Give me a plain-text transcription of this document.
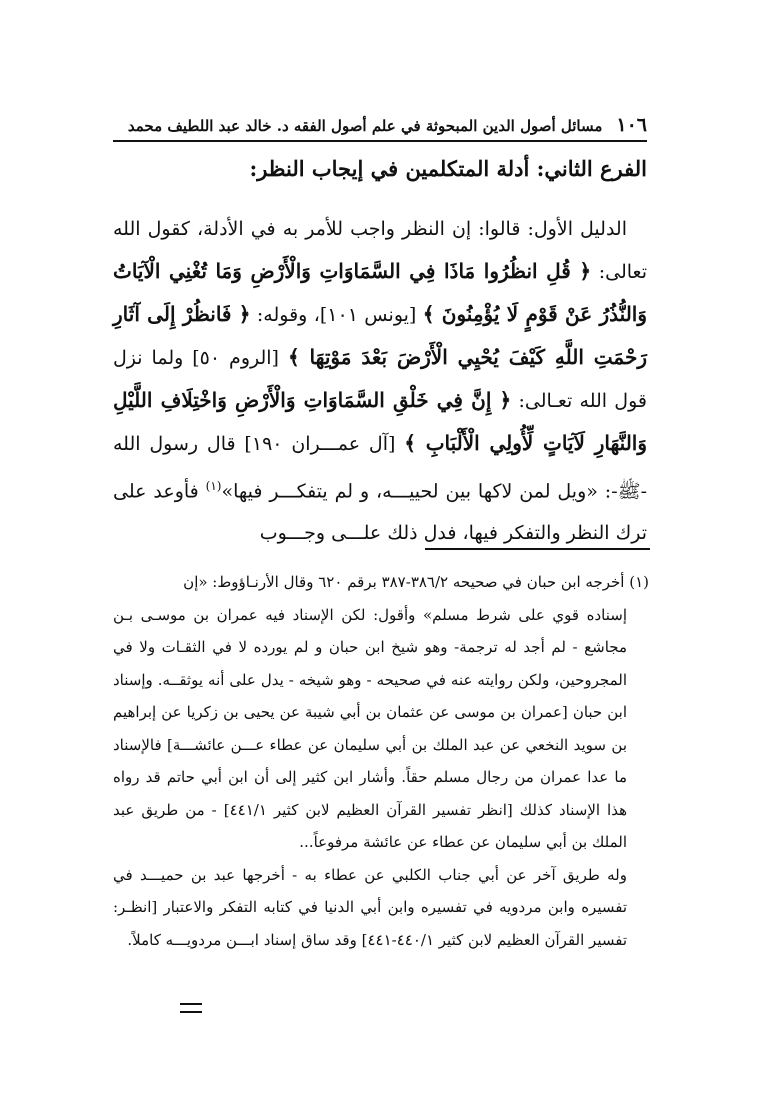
١٠٦
مسائل أصول الدين المبحوثة في علم أصول الفقه د. خالد عبد اللطيف محمد
الفرع الثاني: أدلة المتكلمين في إيجاب النظر:

الدليل الأول: قالوا: إن النظر واجب للأمر به في الأدلة، كقول الله تعالى: ﴿ قُلِ انظُرُوا مَاذَا فِي السَّمَاوَاتِ وَالْأَرْضِ وَمَا تُغْنِي الْآيَاتُ وَالنُّذُرُ عَنْ قَوْمٍ لَا يُؤْمِنُونَ ﴾ [يونس ١٠١]، وقوله: ﴿ فَانظُرْ إِلَى آثَارِ رَحْمَتِ اللَّهِ كَيْفَ يُحْيِي الْأَرْضَ بَعْدَ مَوْتِهَا ﴾ [الروم ٥٠] ولما نزل قول الله تعـالى: ﴿ إِنَّ فِي خَلْقِ السَّمَاوَاتِ وَالْأَرْضِ وَاخْتِلَافِ اللَّيْلِ وَالنَّهَارِ لَآيَاتٍ لِّأُولِي الْأَلْبَابِ ﴾ [آل عمـــران ١٩٠] قال رسول الله -ﷺ-: «ويل لمن لاكها بين لحييـــه، و لم يتفكـــر فيها»$^{(١)}$ فأوعد على ترك النظر والتفكر فيها، فدل ذلك علـــى وجـــوب

(١) أخرجه ابن حبان في صحيحه ٣٨٦/٢-٣٨٧ برقم ٦٢٠ وقال الأرنـاؤوط: «إن

إسناده قوي على شرط مسلم» وأقول: لكن الإسناد فيه عمران بن موسـى بـن مجاشع - لم أجد له ترجمة- وهو شيخ ابن حبان و لم يورده لا في الثقـات ولا في المجروحين، ولكن روايته عنه في صحيحه - وهو شيخه - يدل على أنه يوثقــه. وإسناد ابن حبان [عمران بن موسى عن عثمان بن أبي شيبة عن يحيى بن زكريا عن إبراهيم بن سويد النخعي عن عبد الملك بن أبي سليمان عن عطاء عـــن عائشـــة] فالإسناد ما عدا عمران من رجال مسلم حقاً. وأشار ابن كثير إلى أن ابن أبي حاتم قد رواه هذا الإسناد كذلك [انظر تفسير القرآن العظيم لابن كثير ٤٤١/١] - من طريق عبد الملك بن أبي سليمان عن عطاء عن عائشة مرفوعاً...

وله طريق آخر عن أبي جناب الكلبي عن عطاء به - أخرجها عبد بن حميـــد في تفسيره وابن مردويه في تفسيره وابن أبي الدنيا في كتابه التفكر والاعتبار [انظـر: تفسير القرآن العظيم لابن كثير ٤٤٠/١-٤٤١] وقد ساق إسناد ابـــن مردويـــه كاملاً.
